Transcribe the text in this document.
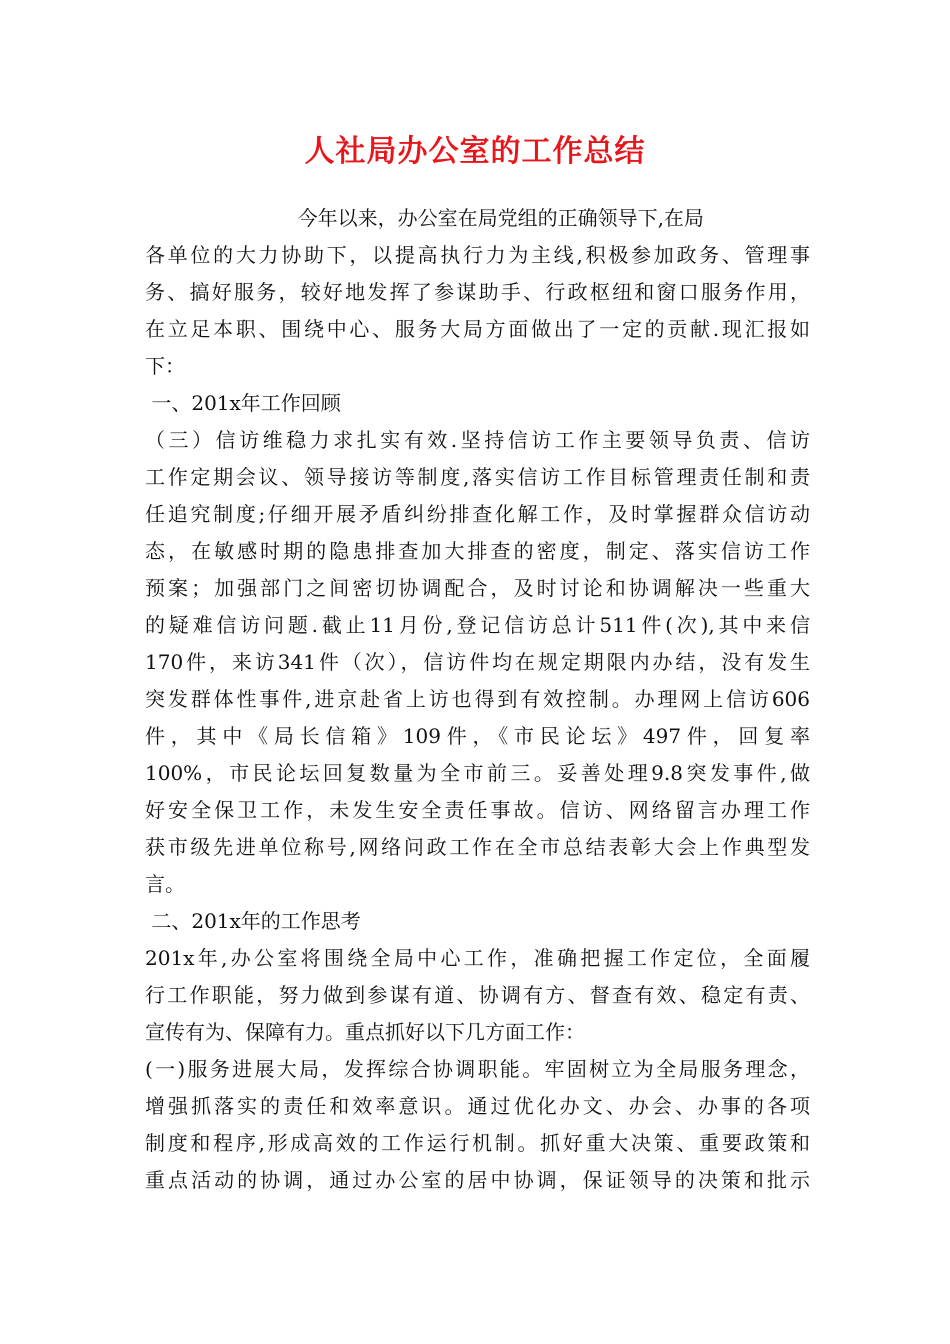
人社局办公室的工作总结
今年以来，办公室在局党组的正确领导下,在局
各单位的大力协助下，以提高执行力为主线,积极参加政务、管理事
务、搞好服务，较好地发挥了参谋助手、行政枢纽和窗口服务作用，
在立足本职、围绕中心、服务大局方面做出了一定的贡献.现汇报如
下：
一、201x年工作回顾
（三）信访维稳力求扎实有效.坚持信访工作主要领导负责、信访
工作定期会议、领导接访等制度,落实信访工作目标管理责任制和责
任追究制度;仔细开展矛盾纠纷排查化解工作，及时掌握群众信访动
态，在敏感时期的隐患排查加大排查的密度，制定、落实信访工作
预案；加强部门之间密切协调配合，及时讨论和协调解决一些重大
的疑难信访问题.截止11月份,登记信访总计511件(次),其中来信
170件，来访341件（次），信访件均在规定期限内办结，没有发生
突发群体性事件,进京赴省上访也得到有效控制。办理网上信访606
件，其中《局长信箱》109件，《市民论坛》497件，回复率
100%，市民论坛回复数量为全市前三。妥善处理9.8突发事件,做
好安全保卫工作，未发生安全责任事故。信访、网络留言办理工作
获市级先进单位称号,网络问政工作在全市总结表彰大会上作典型发
言。
二、201x年的工作思考
201x年,办公室将围绕全局中心工作，准确把握工作定位，全面履
行工作职能，努力做到参谋有道、协调有方、督查有效、稳定有责、
宣传有为、保障有力。重点抓好以下几方面工作：
(一)服务进展大局，发挥综合协调职能。牢固树立为全局服务理念，
增强抓落实的责任和效率意识。通过优化办文、办会、办事的各项
制度和程序,形成高效的工作运行机制。抓好重大决策、重要政策和
重点活动的协调，通过办公室的居中协调，保证领导的决策和批示
